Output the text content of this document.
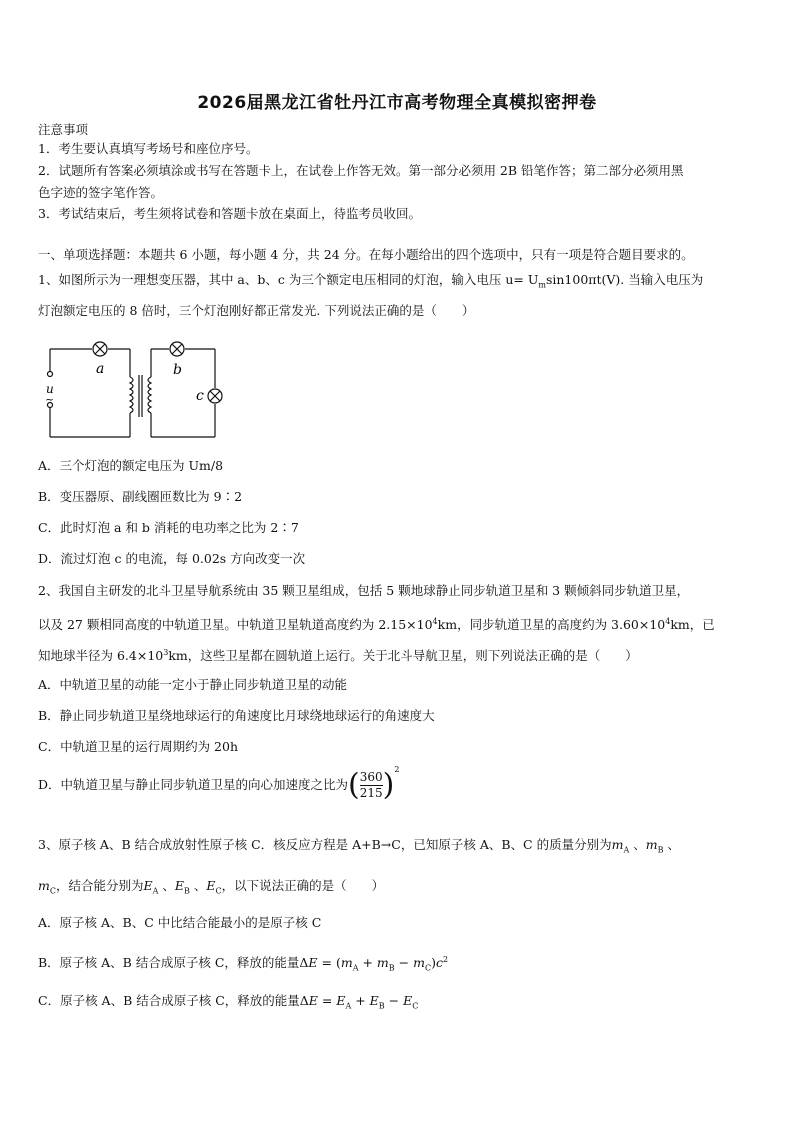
2026届黑龙江省牡丹江市高考物理全真模拟密押卷
注意事项
1．考生要认真填写考场号和座位序号。
2．试题所有答案必须填涂或书写在答题卡上，在试卷上作答无效。第一部分必须用 2B 铅笔作答；第二部分必须用黑
色字迹的签字笔作答。
3．考试结束后，考生须将试卷和答题卡放在桌面上，待监考员收回。
一、单项选择题：本题共 6 小题，每小题 4 分，共 24 分。在每小题给出的四个选项中，只有一项是符合题目要求的。
1、如图所示为一理想变压器，其中 a、b、c 为三个额定电压相同的灯泡，输入电压 $u= U_m\sin 100\pi t(V)$. 当输入电压为
灯泡额定电压的 8 倍时，三个灯泡刚好都正常发光. 下列说法正确的是（　　）
u
~
a	b
c
A．三个灯泡的额定电压为 Um/8
B．变压器原、副线圈匝数比为 9∶2
C．此时灯泡 a 和 b 消耗的电功率之比为 2∶7
D．流过灯泡 c 的电流，每 0.02s 方向改变一次
2、我国自主研发的北斗卫星导航系统由 35 颗卫星组成，包括 5 颗地球静止同步轨道卫星和 3 颗倾斜同步轨道卫星，
以及 27 颗相同高度的中轨道卫星。中轨道卫星轨道高度约为 $2.15\times 10^4km$，同步轨道卫星的高度约为 $3.60\times 10^4km$，已
知地球半径为 $6.4\times 10^3km$，这些卫星都在圆轨道上运行。关于北斗导航卫星，则下列说法正确的是（　　）
A．中轨道卫星的动能一定小于静止同步轨道卫星的动能
B．静止同步轨道卫星绕地球运行的角速度比月球绕地球运行的角速度大
C．中轨道卫星的运行周期约为 20h
D．中轨道卫星与静止同步轨道卫星的向心加速度之比为( $\frac{360}{215} )^2$
3、原子核 A、B 结合成放射性原子核 C．核反应方程是 A+B→C，已知原子核 A、B、C 的质量分别为$m_A$ 、$m_B$ 、
$m_C$，结合能分别为$E_A$ 、$E_B$ 、$E_C$，以下说法正确的是（　　）
A．原子核 A、B、C 中比结合能最小的是原子核 C
B．原子核 A、B 结合成原子核 C，释放的能量$\Delta E = (m_A + m_B - m_C)c^2$
C．原子核 A、B 结合成原子核 C，释放的能量$\Delta E = E_A + E_B - E_C$
